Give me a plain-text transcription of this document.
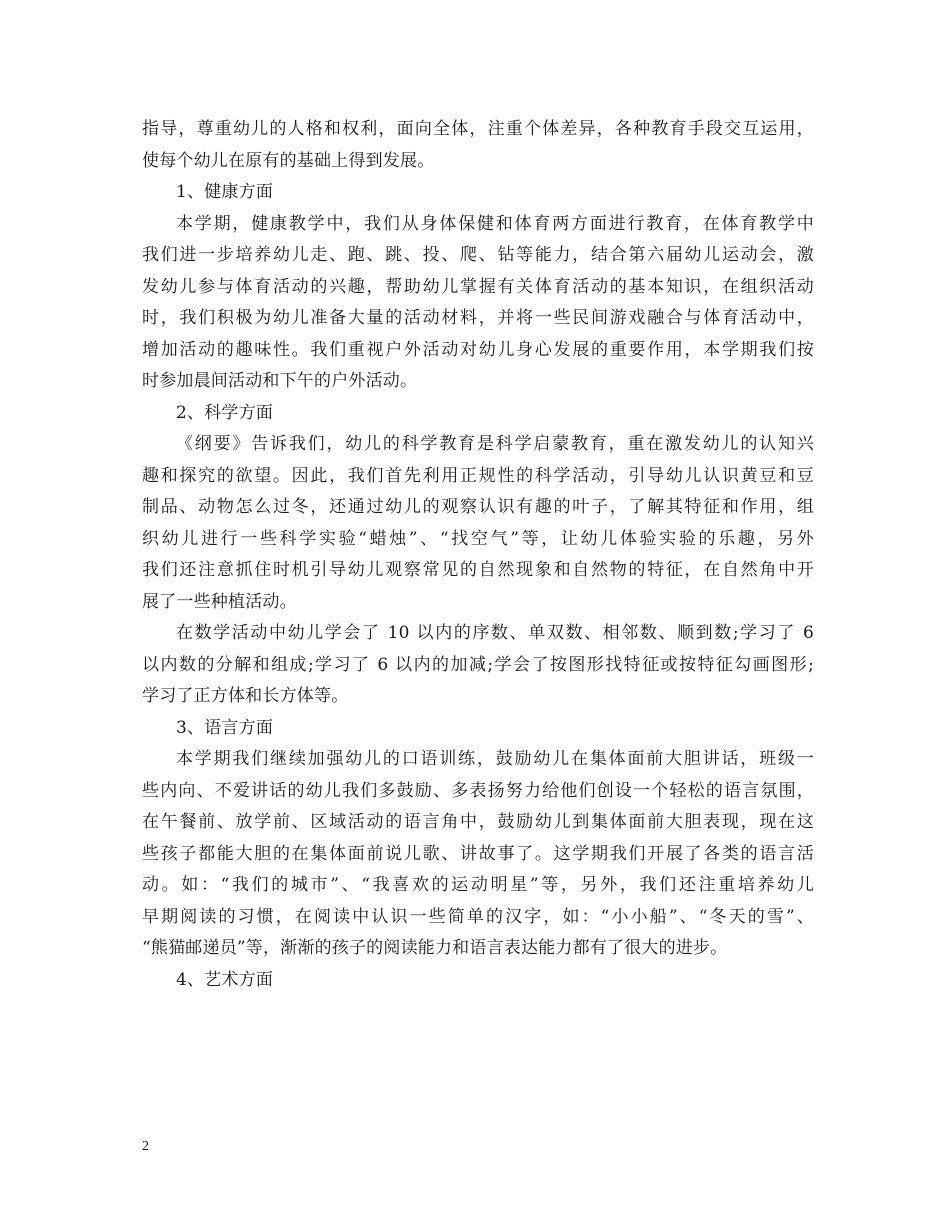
指导，尊重幼儿的人格和权利，面向全体，注重个体差异，各种教育手段交互运用，
使每个幼儿在原有的基础上得到发展。
1、健康方面
本学期，健康教学中，我们从身体保健和体育两方面进行教育，在体育教学中
我们进一步培养幼儿走、跑、跳、投、爬、钻等能力，结合第六届幼儿运动会，激
发幼儿参与体育活动的兴趣，帮助幼儿掌握有关体育活动的基本知识，在组织活动
时，我们积极为幼儿准备大量的活动材料，并将一些民间游戏融合与体育活动中，
增加活动的趣味性。我们重视户外活动对幼儿身心发展的重要作用，本学期我们按
时参加晨间活动和下午的户外活动。
2、科学方面
《纲要》告诉我们，幼儿的科学教育是科学启蒙教育，重在激发幼儿的认知兴
趣和探究的欲望。因此，我们首先利用正规性的科学活动，引导幼儿认识黄豆和豆
制品、动物怎么过冬，还通过幼儿的观察认识有趣的叶子，了解其特征和作用，组
织幼儿进行一些科学实验“蜡烛”、“找空气”等，让幼儿体验实验的乐趣，另外
我们还注意抓住时机引导幼儿观察常见的自然现象和自然物的特征，在自然角中开
展了一些种植活动。
在数学活动中幼儿学会了 10 以内的序数、单双数、相邻数、顺到数;学习了 6
以内数的分解和组成;学习了 6 以内的加减;学会了按图形找特征或按特征勾画图形;
学习了正方体和长方体等。
3、语言方面
本学期我们继续加强幼儿的口语训练，鼓励幼儿在集体面前大胆讲话，班级一
些内向、不爱讲话的幼儿我们多鼓励、多表扬努力给他们创设一个轻松的语言氛围，
在午餐前、放学前、区域活动的语言角中，鼓励幼儿到集体面前大胆表现，现在这
些孩子都能大胆的在集体面前说儿歌、讲故事了。这学期我们开展了各类的语言活
动。如：“我们的城市”、“我喜欢的运动明星”等，另外，我们还注重培养幼儿
早期阅读的习惯，在阅读中认识一些简单的汉字，如：“小小船”、“冬天的雪”、
“熊猫邮递员”等，渐渐的孩子的阅读能力和语言表达能力都有了很大的进步。
4、艺术方面
2
